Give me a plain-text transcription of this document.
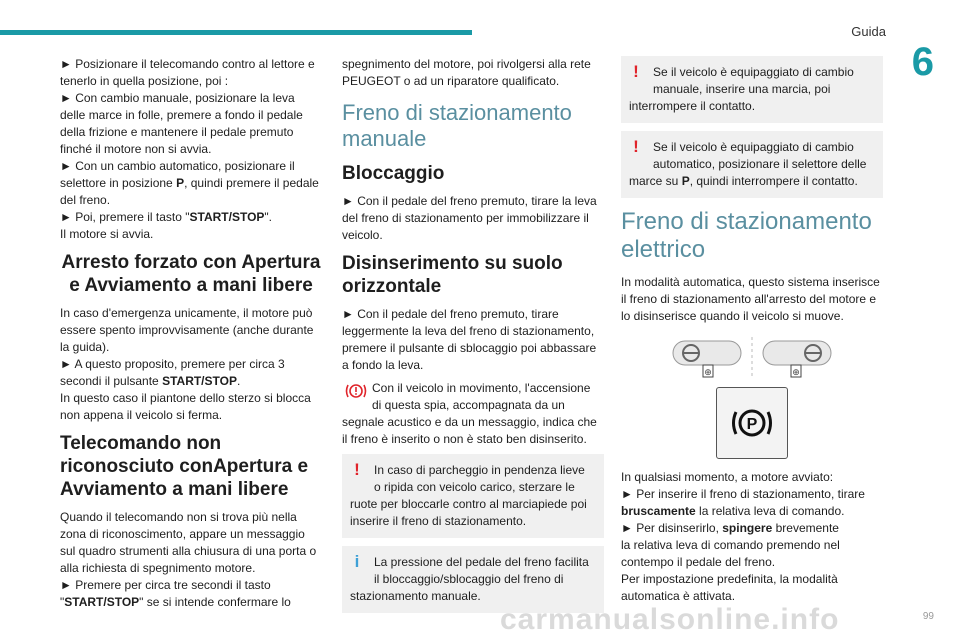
Guida
6

► Posizionare il telecomando contro al lettore e
tenerlo in quella posizione, poi :
► Con cambio manuale, posizionare la leva
delle marce in folle, premere a fondo il pedale
della frizione e mantenere il pedale premuto
finché il motore non si avvia.
► Con un cambio automatico, posizionare il
selettore in posizione P, quindi premere il pedale
del freno.
► Poi, premere il tasto "START/STOP".
Il motore si avvia.

Arresto forzato con Apertura
e Avviamento a mani libere

In caso d'emergenza unicamente, il motore può
essere spento improvvisamente (anche durante
la guida).
► A questo proposito, premere per circa 3
secondi il pulsante START/STOP.
In questo caso il piantone dello sterzo si blocca
non appena il veicolo si ferma.

Telecomando non
riconosciuto conApertura e
Avviamento a mani libere

Quando il telecomando non si trova più nella
zona di riconoscimento, appare un messaggio
sul quadro strumenti alla chiusura di una porta o
alla richiesta di spegnimento motore.
► Premere per circa tre secondi il tasto
"START/STOP" se si intende confermare lo

spegnimento del motore, poi rivolgersi alla rete
PEUGEOT o ad un riparatore qualificato.

Freno di stazionamento
manuale
Bloccaggio

► Con il pedale del freno premuto, tirare la leva
del freno di stazionamento per immobilizzare il
veicolo.

Disinserimento su suolo
orizzontale

► Con il pedale del freno premuto, tirare
leggermente la leva del freno di stazionamento,
premere il pulsante di sblocaggio poi abbassare
a fondo la leva.

Con il veicolo in movimento, l'accensione
di questa spia, accompagnata da un

segnale acustico e da un messaggio, indica che
il freno è inserito o non è stato ben disinserito.

!	In caso di parcheggio in pendenza lieve
o ripida con veicolo carico, sterzare le
ruote per bloccarle contro al marciapiede poi
inserire il freno di stazionamento.
i	La pressione del pedale del freno facilita
il bloccaggio/sblocaggio del freno di
stazionamento manuale.
!	Se il veicolo è equipaggiato di cambio
manuale, inserire una marcia, poi
interrompere il contatto.
!	Se il veicolo è equipaggiato di cambio
automatico, posizionare il selettore delle
marce su P, quindi interrompere il contatto.
Freno di stazionamento
elettrico

In modalità automatica, questo sistema inserisce
il freno di stazionamento all'arresto del motore e
lo disinserisce quando il veicolo si muove.

⊕	⊕
P

In qualsiasi momento, a motore avviato:
► Per inserire il freno di stazionamento, tirare
bruscamente la relativa leva di comando.
► Per disinserirlo, spingere brevemente
la relativa leva di comando premendo nel
contempo il pedale del freno.
Per impostazione predefinita, la modalità
automatica è attivata.

carmanualsonline.info	99
